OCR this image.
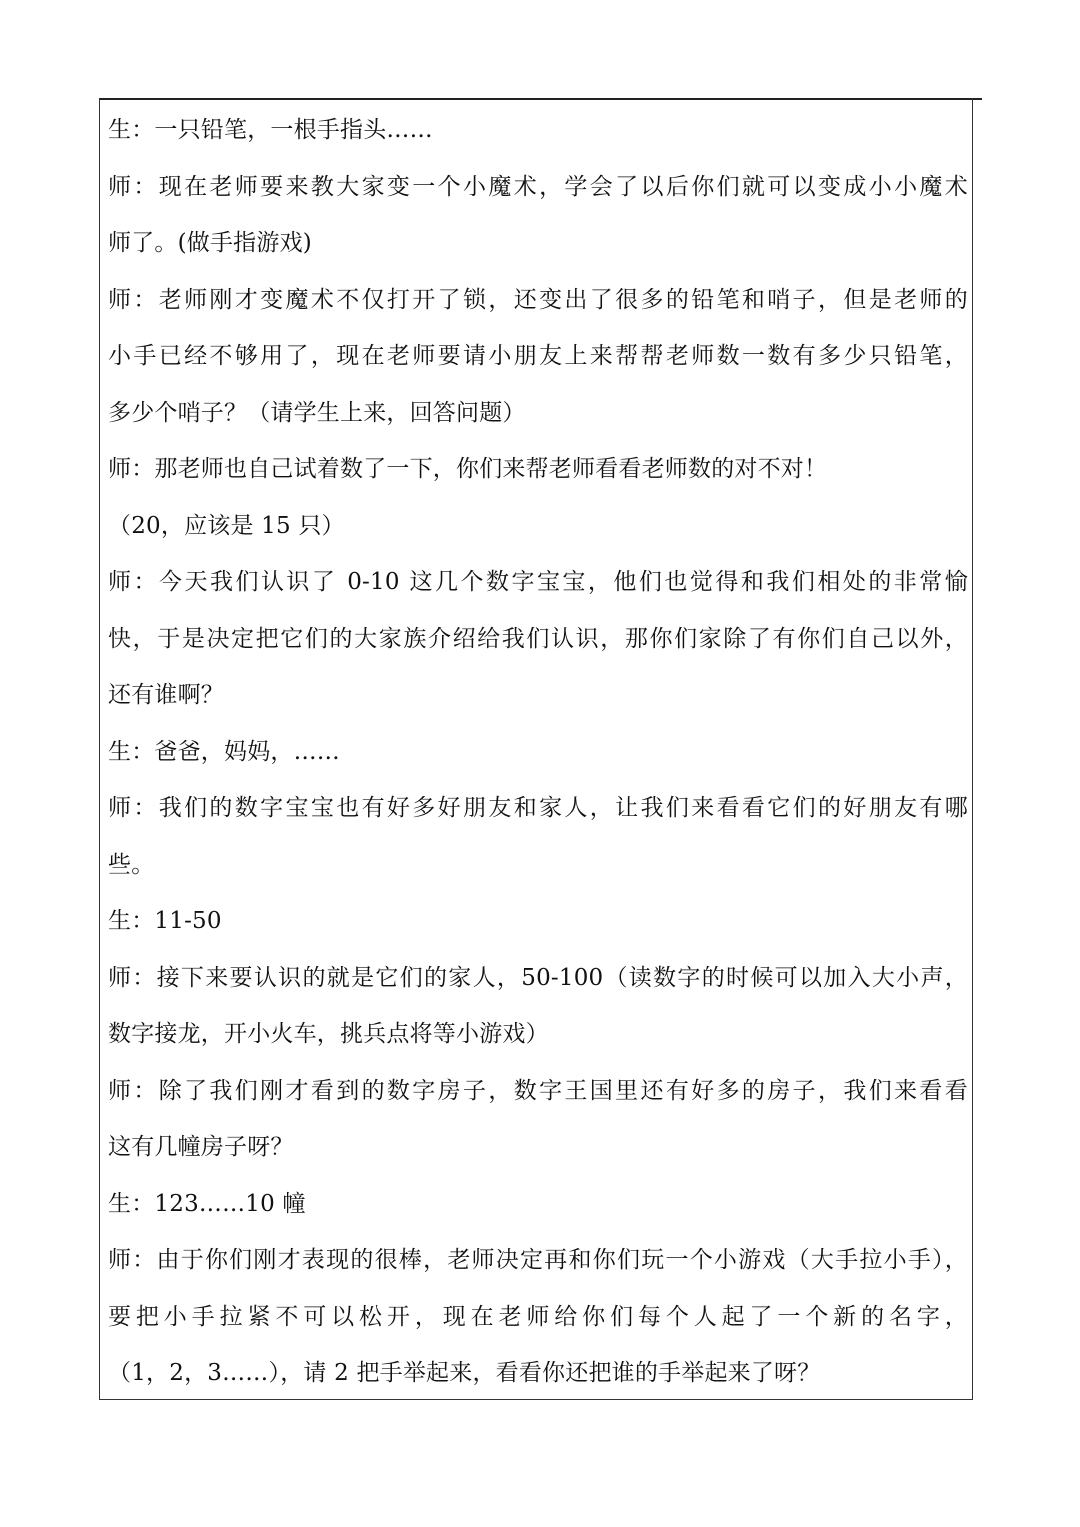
生：一只铅笔，一根手指头……
师：现在老师要来教大家变一个小魔术，学会了以后你们就可以变成小小魔术
师了。(做手指游戏)
师：老师刚才变魔术不仅打开了锁，还变出了很多的铅笔和哨子，但是老师的
小手已经不够用了，现在老师要请小朋友上来帮帮老师数一数有多少只铅笔，
多少个哨子？（请学生上来，回答问题）
师：那老师也自己试着数了一下，你们来帮老师看看老师数的对不对！
（20，应该是 15 只）
师：今天我们认识了 0-10 这几个数字宝宝，他们也觉得和我们相处的非常愉
快，于是决定把它们的大家族介绍给我们认识，那你们家除了有你们自己以外，
还有谁啊？
生：爸爸，妈妈，……
师：我们的数字宝宝也有好多好朋友和家人，让我们来看看它们的好朋友有哪
些。
生：11-50
师：接下来要认识的就是它们的家人，50-100（读数字的时候可以加入大小声，
数字接龙，开小火车，挑兵点将等小游戏）
师：除了我们刚才看到的数字房子，数字王国里还有好多的房子，我们来看看
这有几幢房子呀？
生：123……10 幢
师：由于你们刚才表现的很棒，老师决定再和你们玩一个小游戏（大手拉小手），
要把小手拉紧不可以松开，现在老师给你们每个人起了一个新的名字，
（1，2，3……），请 2 把手举起来，看看你还把谁的手举起来了呀？
